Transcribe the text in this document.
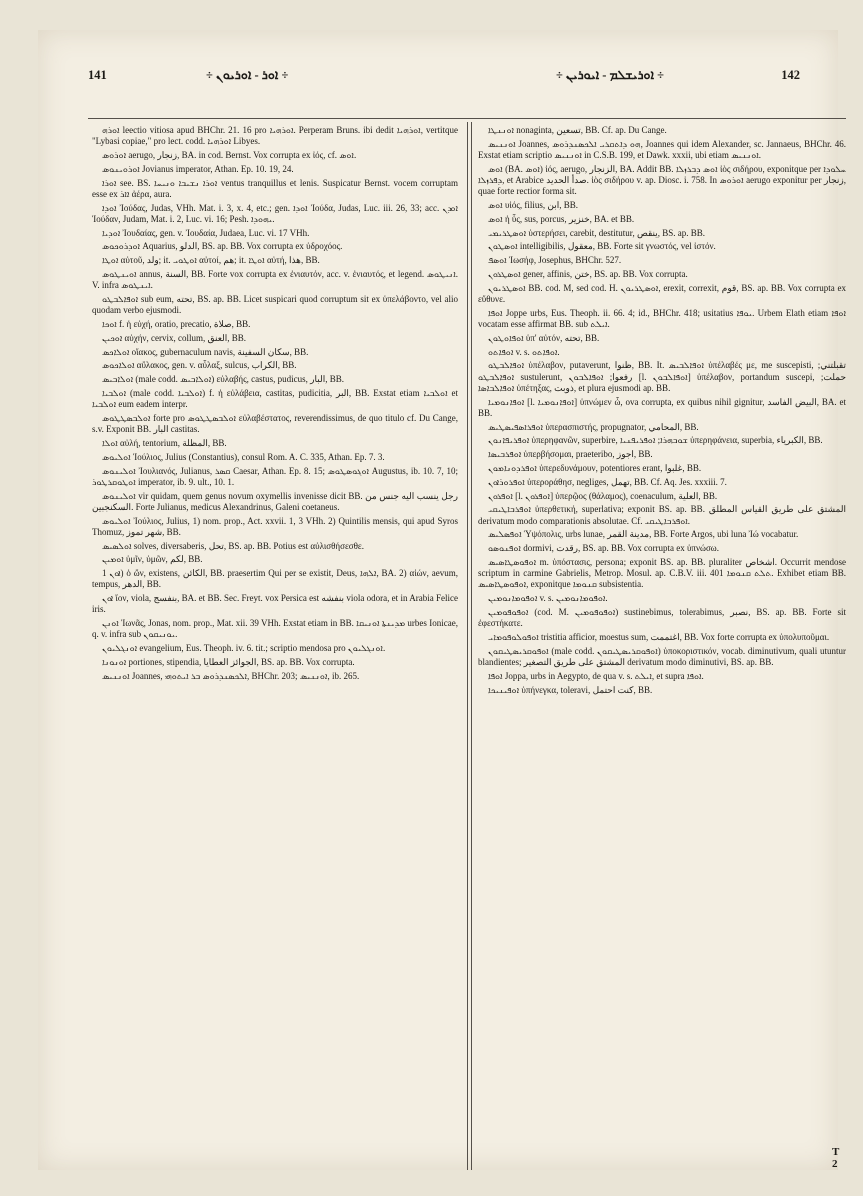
141	÷ ܐܘܪ - ܐܘܪܝܘܢ ÷	÷ ܐܘܪܝܫܠܡ - ܐܝܘܪܝܢ ÷	142

ܐܘܪܗ leectio vitiosa apud BHChr. 21. 16 pro ܐܘܪܗܝܐ. Perperam Bruns. ibi dedit ܐܘܪܗܝܐ, vertitque "Lybasi copiae," pro lect. codd. ܐܘܪܗܝܐ Libyes.

ܐܘܪܘܣ aerugo, زنجار, BA. in cod. Bernst. Vox corrupta ex ἰός, cf. ܐܘܣ.

ܐܘܪܘܝܢܘܣ Jovianus imperator, Athan. Ep. 10. 19, 24.

ܐܘܪܐ see. BS. ܐܘܪܐ ܢܫܝܒܐ ܘܢܝܚܐ ventus tranquillus et lenis. Suspicatur Bernst. vocem corruptam esse ex ܐܐܪ ἀέρα, aura.

ܐܘܕܐ Ἰούδας, Judas, VHh. Mat. i. 3, x. 4, etc.; gen. ܐܘܕܐ Ἰούδα, Judas, Luc. iii. 26, 33; acc. ܐܘܕܢ Ἰούδαν, Judam, Mat. i. 2, Luc. vi. 16; Pesh. ܝܗܘܕܐ.

ܐܘܕܝܐ Ἰουδαίας, gen. v. Ἰουδαία, Judaea, Luc. vi. 17 VHh.

ܐܘܕܪܘܟܘܣ Aquarius, الدلو, BS. ap. BB. Vox corrupta ex ὑδροχόος.

ܐܘܛܐ αὐτοῦ, ولد; it. ܐܘܛܘܝ αὐτοί, هم; it. ܐܘܛܐ αὐτή, هذا, BB.

ܐܘܝܢܛܘܣ annus, السنة, BB. Forte vox corrupta ex ἐνιαυτόν, acc. v. ἐνιαυτός, et legend. ܐܢܝܛܘܣ. V. infra ܐܝܢܛܘܣ.

ܐܘܦܐܠܒܛܘ sub eum, تحته, BS. ap. BB. Licet suspicari quod corruptum sit ex ὑπελάβοντο, vel alio quodam verbo ejusmodi.

ܐܘܟܐ f. ἡ εὐχή, oratio, precatio, صلاة, BB.

ܐܘܟܝܢ αὐχήν, cervix, collum, العنق, BB.

ܐܘܠܐܟܣ οἴακος, gubernaculum navis, سكان السفينة, BB.

ܐܘܠܐܟܘܣ αὔλακος, gen. v. αὖλαξ, sulcus, الكراب, BB.

ܐܘܠܐܒܝܣ (male codd. ܐܘܠܐܒܝܣ) εὐλαβής, castus, pudicus, البار, BB.

ܐܘܠܒܝܐ (male codd. ܐܘܠܒܝܐ) f. ἡ εὐλάβεια, castitas, pudicitia, البر, BB. Exstat etiam ܐܘܠܒܝܐ et ܐܘܠܒܝܐ eum eadem interpr.

ܐܘܠܒܣܛܛܘܣ forte pro ܐܘܠܒܣܛܛܘܣ εὐλαβέστατος, reverendissimus, de quo titulo cf. Du Cange, s.v. Exponit BB. البار castitas.

ܐܘܠܐ αὐλή, tentorium, المظلة, BB.

ܐܘܠܝܘܣ Ἰούλιος, Julius (Constantius), consul Rom. A. C. 335, Athan. Ep. 7. 3.

ܐܘܠܝܢܘܣ Ἰουλιανός, Julianus, ܩܣܪ Caesar, Athan. Ep. 8. 15; ܐܘܓܘܣܛܘܣ Augustus, ib. 10. 7, 10; ܐܘܛܘܩܪܛܘܪ imperator, ib. 9. ult., 10. 1.

ܐܘܠܝܢܘܣ vir quidam, quem genus novum oxymellis invenisse dicit BB. رجل ينسب اليه جنس من السكنجبين. Forte Julianus, medicus Alexandrinus, Galeni coetaneus.

ܐܘܠܝܘܣ Ἰούλιος, Julius, 1) nom. prop., Act. xxvii. 1, 3 VHh. 2) Quintilis mensis, qui apud Syros Thomuz, شهر تموز, BB.

ܐܘܠܣܝܣ solves, diversaberis, تحل, BS. ap. BB. Potius est αὐλισθήσεσθε.

ܐܘܡܝܢ ὑμῖν, ὑμῶν, لكم, BB.

ܐܘܢ 1) ὁ ὤν, existens, الكائن, BB. praesertim Qui per se existit, Deus, ܐܠܗܐ, BA. 2) αἰών, aevum, tempus, الدهر, BB.

ܐܘܢ ἴον, viola, بنفسج, BA. et BB. Sec. Freyt. vox Persica est بنفشه viola odora, et in Arabia Felice iris.

ܐܘܢܢ Ἰωνᾶς, Jonas, nom. prop., Mat. xii. 39 VHh. Exstat etiam in BB. ܡܕܝܢܬܐ ܐܘܢܝܩܐ urbes Ionicae, q. v. infra sub ܝܘܢܝܩܘܢ.

ܐܘܢܓܠܝܘܢ evangelium, Eus. Theoph. iv. 6. tit.; scriptio mendosa pro ܐܘܢܓܠܝܘܢ.

ܐܘܢܘܢܐ portiones, stipendia, الجوائز العطايا, BS. ap. BB. Vox corrupta.

ܐܘܢܢܝܣ Joannes, ܐܠܟܣܢܕܪܘܣ ܒܪ ܐܝܬܘܗܝ, BHChr. 203; ܐܘܢܢܝܣ, ib. 265.

ܐܘܢܢܛܐ nonaginta, تسعين, BB. Cf. ap. Du Cange.

ܐܘܢܢܝܣ Joannes, ܗܘ ܕܐܬܩܪܝ ܐܠܟܣܢܕܪܘܣ, Joannes qui idem Alexander, sc. Jannaeus, BHChr. 46. Exstat etiam scriptio ܐܘܢܢܝܣ in C.S.B. 199, et Dawk. xxxii, ubi etiam ܐܘܢܢܝܣ.

ܐܘܣ (BA. ܐܘܣ) ἰός, aerugo, الزنجار, BA. Addit BB. ܐܘܣ ܕܒܪܙܠܐ ἰὸς σιδήρου, exponitque per ܚܠܘܕܐ ܕܦܪܙܠܐ, et Arabice صدأ الحديد. ἰὸς σιδήρου v. ap. Diosc. i. 758. In ܐܘܪܘܣ aerugo exponitur per زنجار, quae forte rectior forma sit.

ܐܘܣ υἱός, filius, ابن, BB.

ܐܘܣ ἡ ὗς, sus, porcus, خنزير, BA. et BB.

ܐܘܣܛܪܝܡܝ ὑστερήσει, carebit, destitutur, ينقص, BS. ap. BB.

ܐܘܣܛܘܢ intelligibilis, معقول, BB. Forte sit γνωστός, vel ἰστόν.

ܐܘܣܦ Ἰωσήφ, Josephus, BHChr. 527.

ܐܘܣܛܪܘܢ gener, affinis, ختن, BS. ap. BB. Vox corrupta.

ܐܘܣܛܪܝܘܢ BB. cod. M, sed cod. H. ܐܘܣܛܪܝܘܢ, erexit, correxit, قوم, BS. ap. BB. Vox corrupta ex εὔθυνε.

ܐܘܦܐ Joppe urbs, Eus. Theoph. ii. 66. 4; id., BHChr. 418; usitatius ܝܘܦܐ. Urbem Elath etiam ܐܘܦܐ vocatam esse affirmat BB. sub ܐܝܠܬ.

ܐܘܦܐܘܛܘܢ ὑπ' αὐτόν, تحته, BB.

ܐܘܦܐܬܘ v. s. ܐܘܦܐܬܘ.

ܐܘܦܐܠܒܛܘ ὑπέλαβον, putaverunt, ظنوا, BB. It. ܐܘܦܐܠܒܝܣ ὑπέλαβές με, me suscepisti, تقبلتني; ܐܘܦܐܠܒܛܘ sustulerunt, رفعوا; ܐܘܦܐܠܒܘܢ [l. ܐܘܦܐܠܒܘܢ] ὑπέλαβον, portandum suscepi, حملت; ܐܘܦܐܠܒܐܣܐ ὑπέτηξας, ذوبت, et plura ejusmodi ap. BB.

ܐܘܦܐܢܘܡܝܐ [l. ܐܘܦܐܢܘܡܝܐ] ὑπνώμεν ὦ, ova corrupta, ex quibus nihil gignitur, البيض الفاسد, BA. et BB.

ܐܘܦܪܐܣܦܝܣܛܝܣ ὑπερασπιστής, propugnator, المحامي, BB.

ܐܘܦܪܝܦܐܢܘܢ ὑπερηφανῶν, superbire, ܫܘܒܗܪܐ; ܐܘܦܪܝܦܢܝܐ ὑπερηφάνεια, superbia, الكبرياء, BB.

ܐܘܦܪܒܝܣܐ ὑπερβήσομαι, praeteribo, اجوز, BB.

ܐܘܦܪܕܘܢܐܡܘܢ ὑπερεδυνάμουν, potentiores erant, غلبوا, BB.

ܐܘܦܪܘܪܐܘܢ ὑπεροράθησ, negliges, تهمل, BB. Cf. Aq. Jes. xxxiii. 7.

ܐܘܦܪܘܢ [l. ܐܘܦܪܘܢ] ὑπερῷος (θάλαμος), coenaculum, العلية, BB.

ܐܘܦܪܒܐܛܝܩܝ ὑπερθετική, superlativa; exponit BS. ap. BB. المشتق على طريق القياس المطلق derivatum modo comparationis absolutae. Cf. ܐܘܦܪܒܐܛܝܩܝ.

ܐܘܦܣܠܝܣ Ὑψόπολις, urbs lunae, مدينة القمر, BB. Forte Argos, ubi luna Ἰώ vocabatur.

ܐܘܦܢܘܣܘ dormivi, رقدت, BS. ap. BB. Vox corrupta ex ὑπνώσω.

ܐܘܦܘܣܛܐܣܝܣ m. ὑπόστασις, persona; exponit BS. ap. BB. pluraliter اشخاص. Occurrit mendose scriptum in carmine Gabrielis, Metrop. Mosul. ap. C.B.V. iii. 401 ܬܠܬ ܩܢܘܡܐ. Exhibet etiam BB. ܐܘܦܘܣܛܐܣܝܣ, exponitque ܩܢܘܡܐ subsistentia.

ܐܘܦܘܡܐܢܘܡܝܢ v. s. ܐܘܦܘܡܐܢܘܡܝܢ.

ܐܘܦܘܦܘܡܝܢ (cod. M. ܐܘܦܘܦܘܡܝܢ) sustinebimus, tolerabimus, نصبر, BS. ap. BB. Forte sit ἐφεστήκατε.

ܐܘܦܘܠܘܦܘܡܐܝ tristitia afficior, moestus sum, اغتممت, BB. Vox forte corrupta ex ὑπολυποῦμαι.

ܐܘܦܘܩܪܝܣܛܝܩܘܢ (male codd. ܐܘܦܘܩܪܝܣܛܝܩܘܢ) ὑποκοριστικόν, vocab. diminutivum, quali utuntur blandientes; المشتق على طريق التصغير derivatum modo diminutivi, BS. ap. BB.

ܐܘܦܐ Joppa, urbs in Aegypto, de qua v. s. ܐܝܠܬ, et supra ܐܘܦܐ.

ܐܘܦܝܢܝܟܐ ὑπήνεγκα, toleravi, كنت احتمل, BB.

T 2
